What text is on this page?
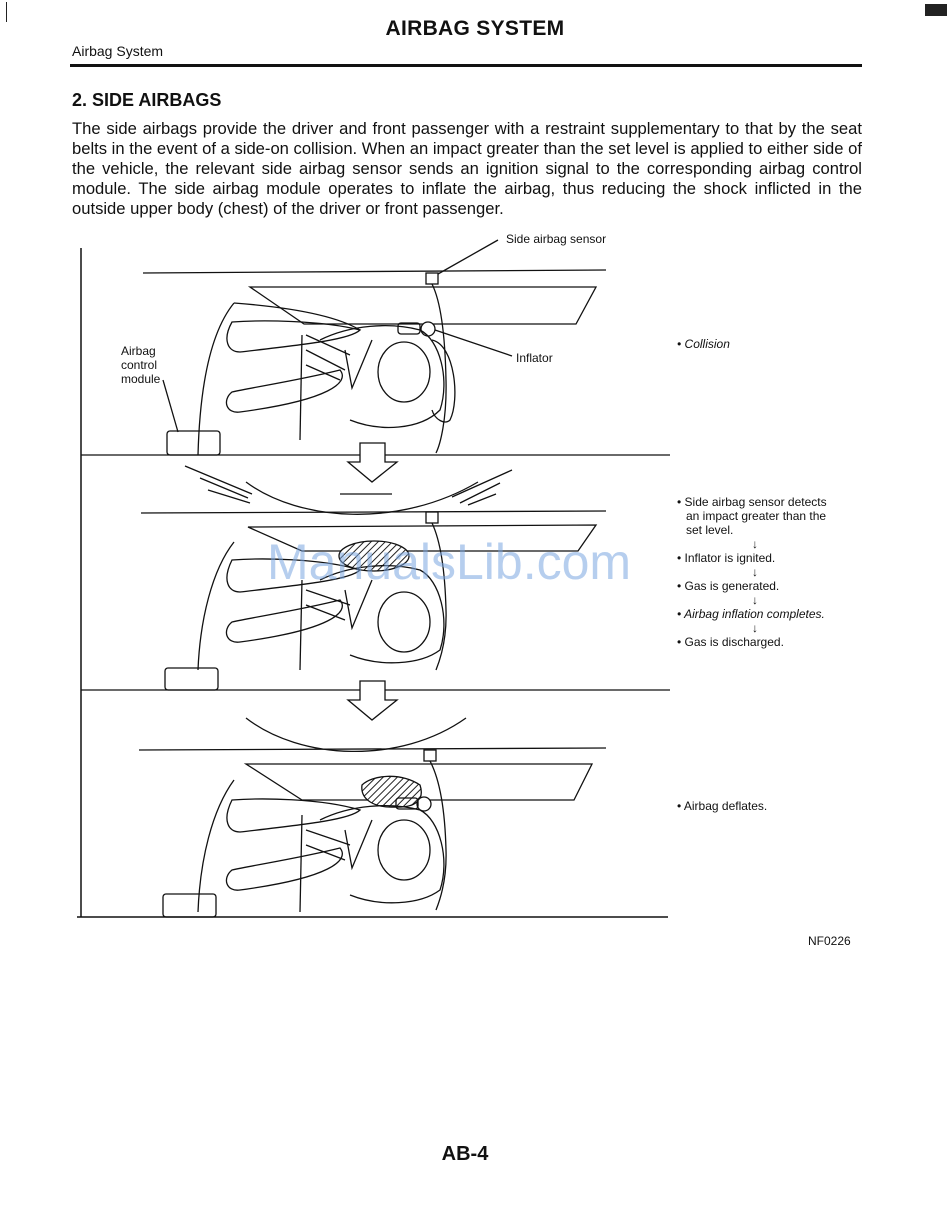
AIRBAG SYSTEM
Airbag System
2. SIDE AIRBAGS
The side airbags provide the driver and front passenger with a restraint supplementary to that by the seat belts in the event of a side-on collision. When an impact greater than the set level is applied to either side of the vehicle, the relevant side airbag sensor sends an ignition signal to the corresponding airbag control module. The side airbag module operates to inflate the airbag, thus reducing the shock inflicted in the outside upper body (chest) of the driver or front passenger.
Side airbag sensor
Inflator
Airbag
control
module
• Collision
• Side airbag sensor detects
an impact greater than the
set level.
↓
• Inflator is ignited.
↓
• Gas is generated.
↓
• Airbag inflation completes.
↓
• Gas is discharged.
• Airbag deflates.
ManualsLib.com
NF0226
AB-4
